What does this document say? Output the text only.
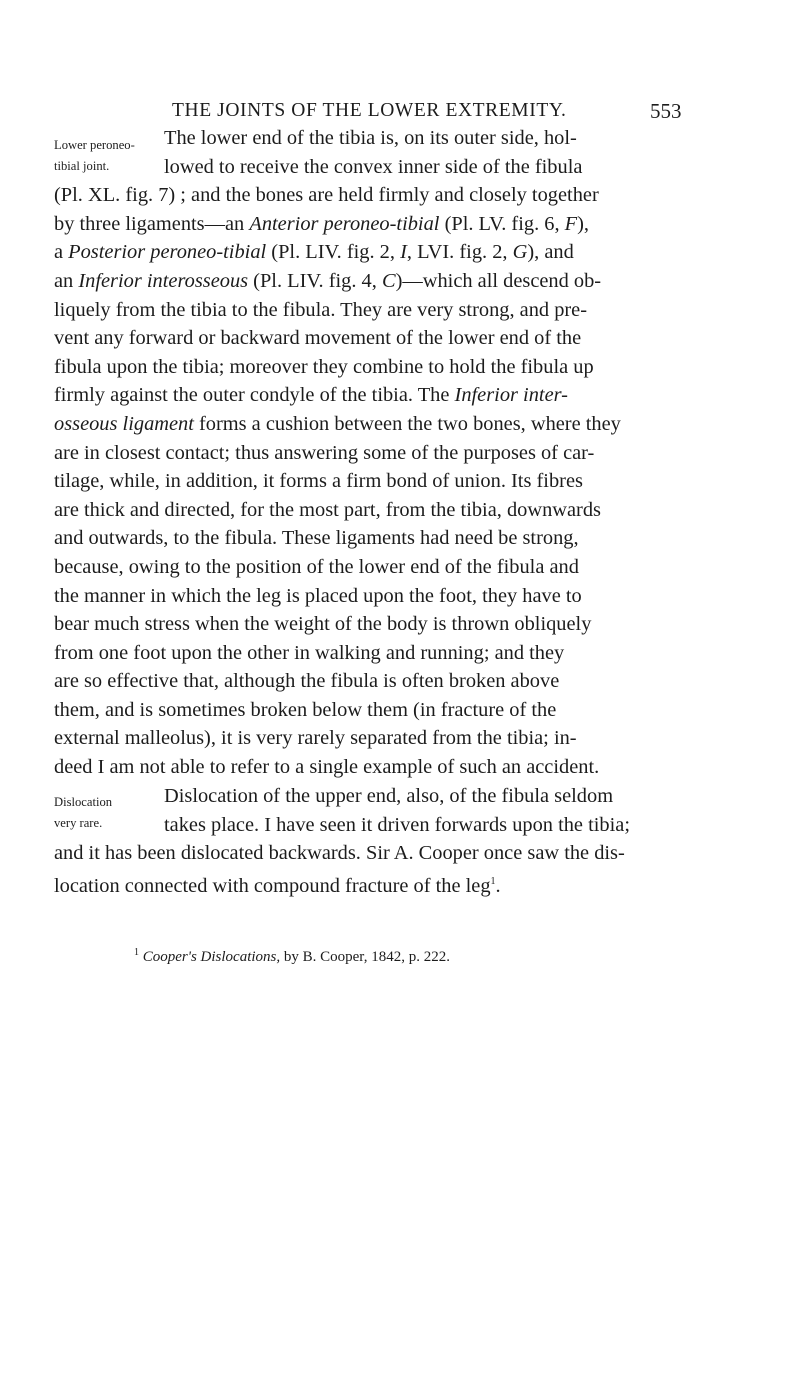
THE JOINTS OF THE LOWER EXTREMITY.	553
Lower peroneo-
tibial joint.
Dislocation
very rare.
The lower end of the tibia is, on its outer side, hol-
lowed to receive the convex inner side of the fibula
(Pl. XL. fig. 7) ; and the bones are held firmly and closely together
by three ligaments—an Anterior peroneo-tibial (Pl. LV. fig. 6, F),
a Posterior peroneo-tibial (Pl. LIV. fig. 2, I, LVI. fig. 2, G), and
an Inferior interosseous (Pl. LIV. fig. 4, C)—which all descend ob-
liquely from the tibia to the fibula. They are very strong, and pre-
vent any forward or backward movement of the lower end of the
fibula upon the tibia; moreover they combine to hold the fibula up
firmly against the outer condyle of the tibia. The Inferior inter-
osseous ligament forms a cushion between the two bones, where they
are in closest contact; thus answering some of the purposes of car-
tilage, while, in addition, it forms a firm bond of union. Its fibres
are thick and directed, for the most part, from the tibia, downwards
and outwards, to the fibula. These ligaments had need be strong,
because, owing to the position of the lower end of the fibula and
the manner in which the leg is placed upon the foot, they have to
bear much stress when the weight of the body is thrown obliquely
from one foot upon the other in walking and running; and they
are so effective that, although the fibula is often broken above
them, and is sometimes broken below them (in fracture of the
external malleolus), it is very rarely separated from the tibia; in-
deed I am not able to refer to a single example of such an accident.
Dislocation of the upper end, also, of the fibula seldom
takes place. I have seen it driven forwards upon the tibia;
and it has been dislocated backwards. Sir A. Cooper once saw the dis-
location connected with compound fracture of the leg$^1$.
$^1$ Cooper's Dislocations, by B. Cooper, 1842, p. 222.
